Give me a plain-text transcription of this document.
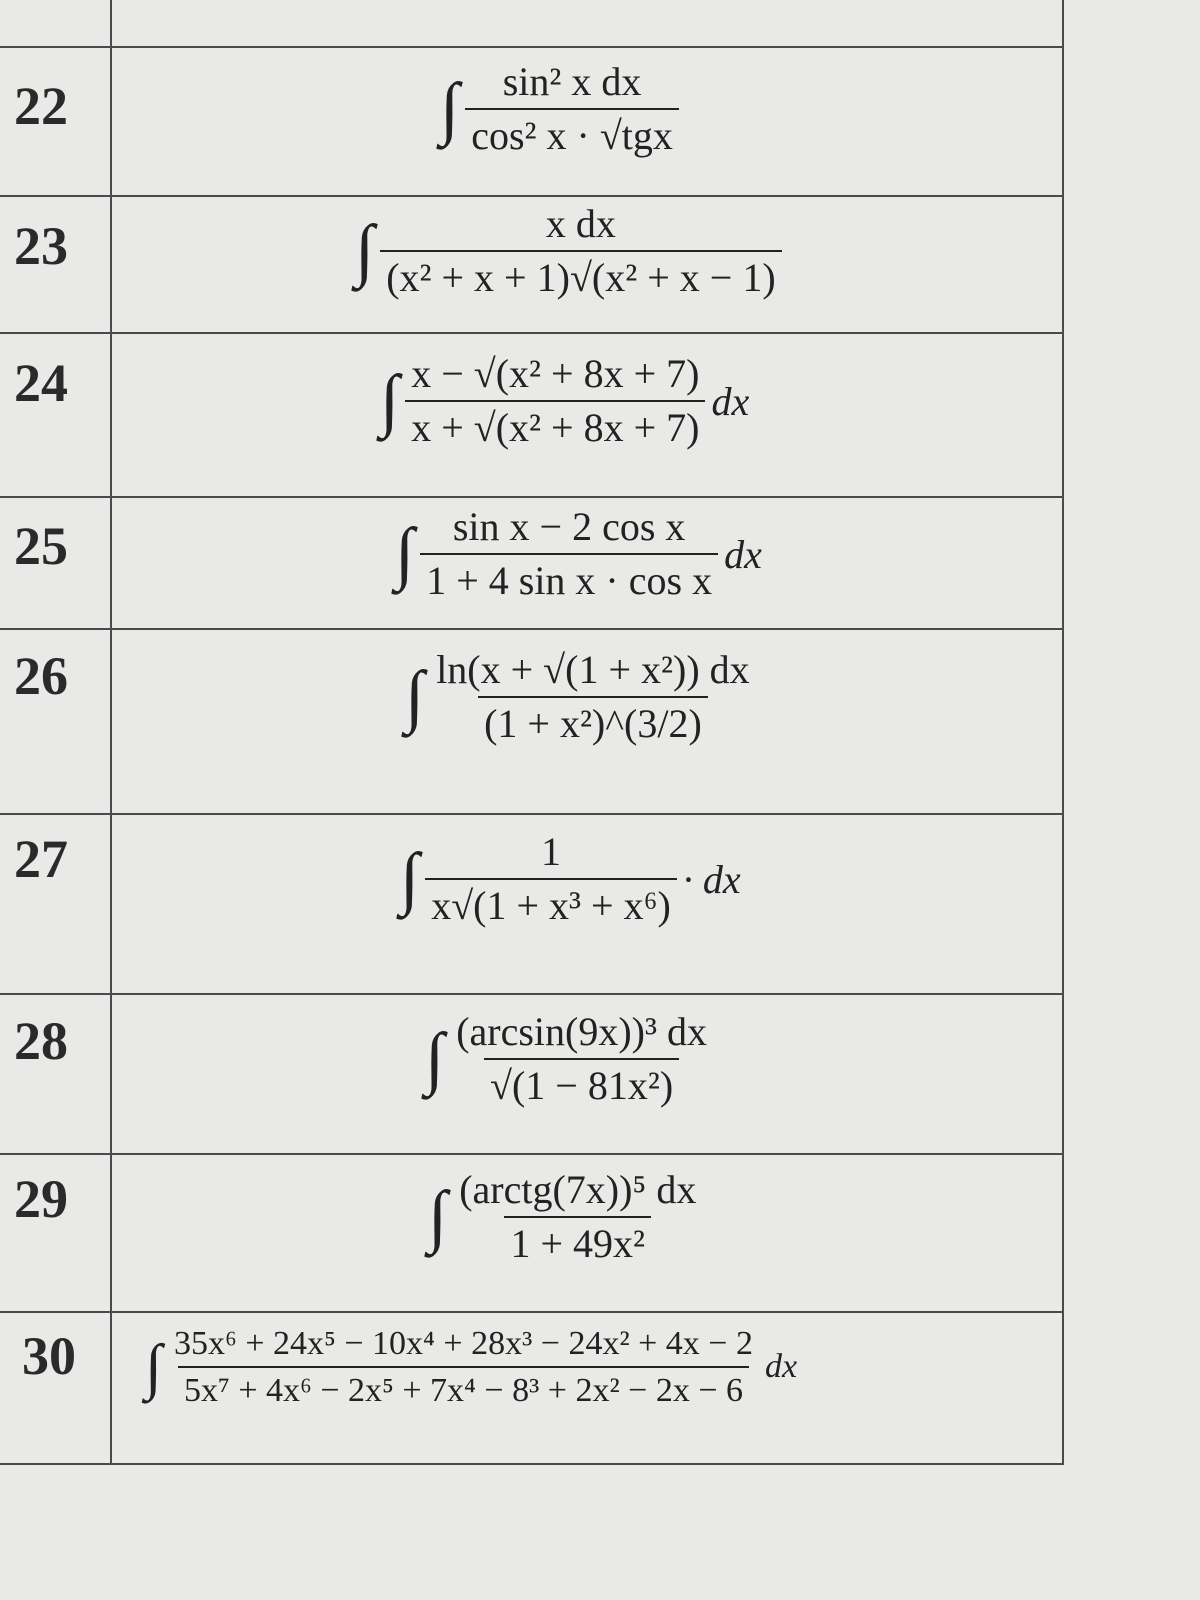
22	∫ $\frac{\text{sin² x dx}}{\text{cos² x · √tgx}}$
23	∫ $\frac{\text{x dx}}{\text{(x² + x + 1)√(x² + x − 1)}}$
24	∫ $\frac{\text{x − √(x² + 8x + 7)}}{\text{x + √(x² + 8x + 7)}}$ dx
25	∫ $\frac{\text{sin x − 2 cos x}}{\text{1 + 4 sin x · cos x}}$ dx
26	∫ $\frac{\text{ln(x + √(1 + x²)) dx}}{\text{(1 + x²)\textasciicircum{}(3/2)}}$
27	∫ $\frac{1}{\text{x√(1 + x³ + x⁶)}}$ · dx
28	∫ $\frac{\text{(arcsin(9x))³ dx}}{\text{√(1 − 81x²)}}$
29	∫ $\frac{\text{(arctg(7x))⁵ dx}}{\text{1 + 49x²}}$
30 ∫ $\frac{\text{35x⁶ + 24x⁵ − 10x⁴ + 28x³ − 24x² + 4x − 2}}{\text{5x⁷ + 4x⁶ − 2x⁵ + 7x⁴ − 8³ + 2x² − 2x − 6}}$ dx
